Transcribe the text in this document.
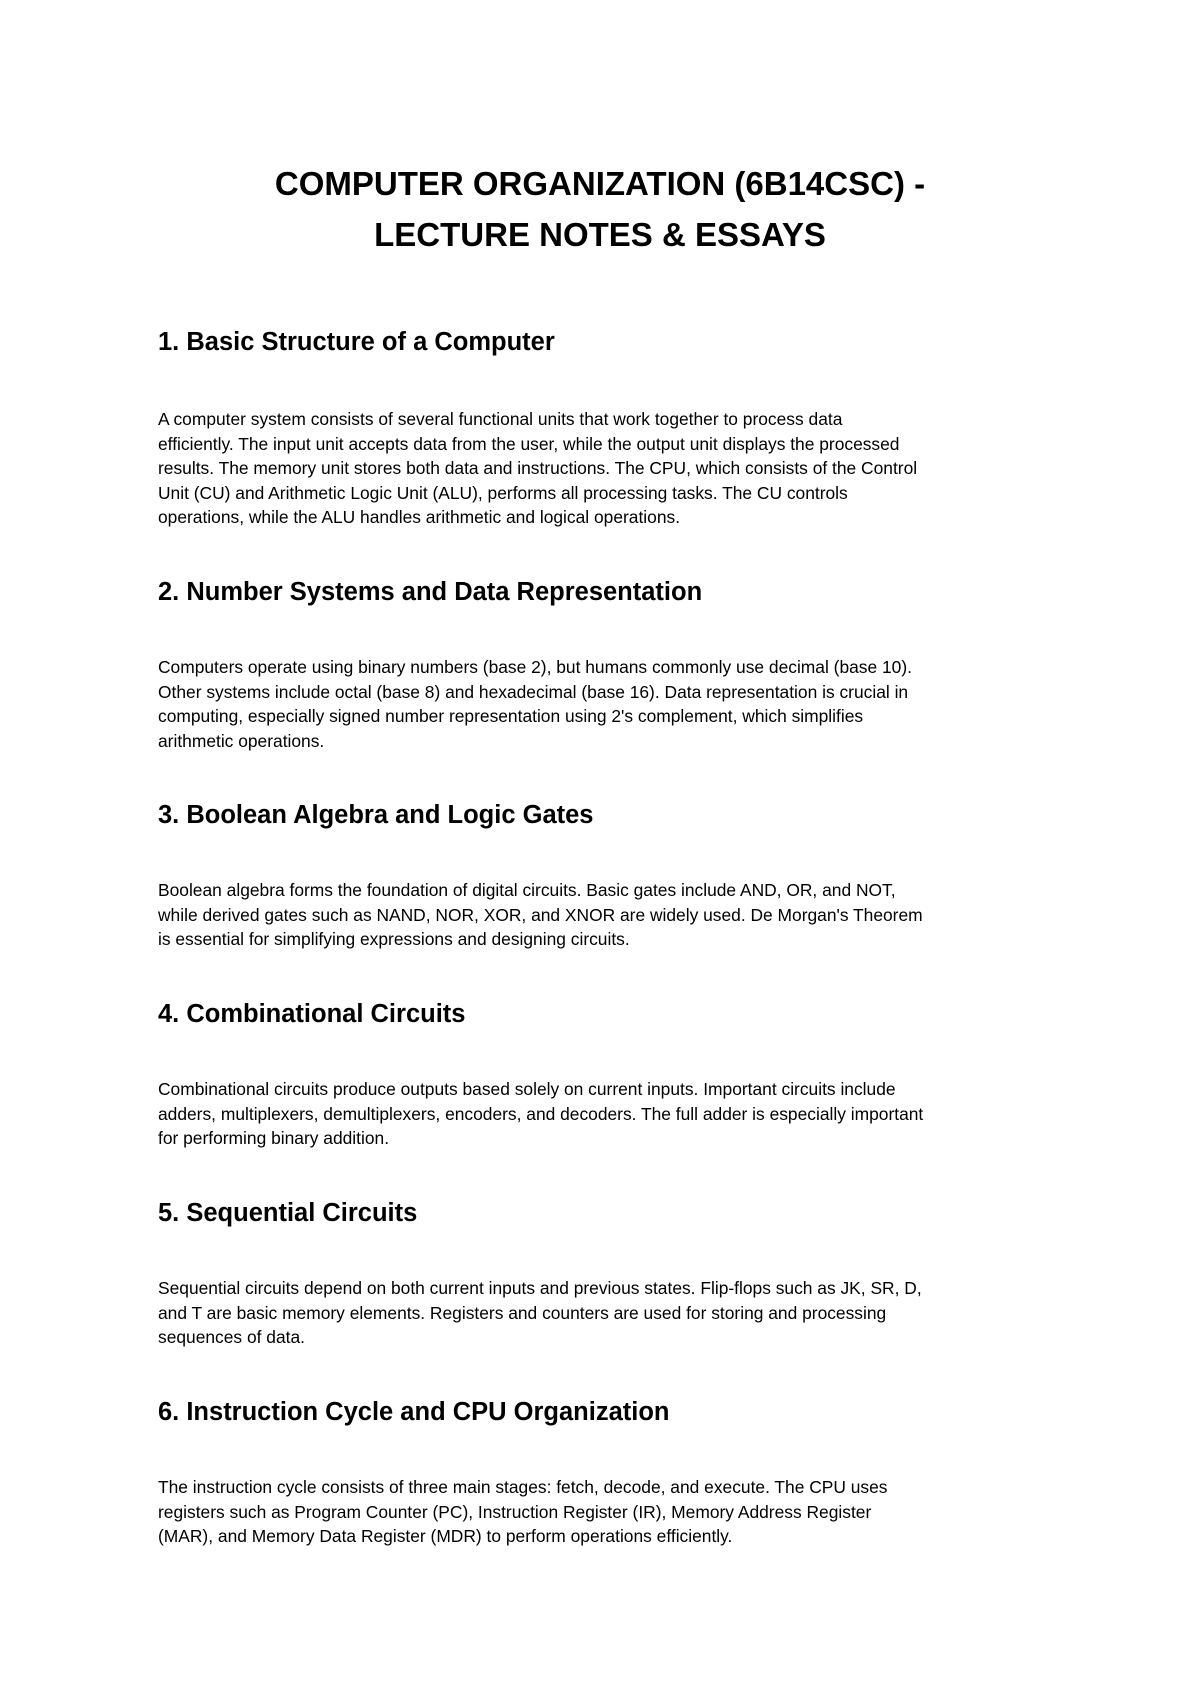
COMPUTER ORGANIZATION (6B14CSC) -
LECTURE NOTES & ESSAYS
1. Basic Structure of a Computer

A computer system consists of several functional units that work together to process data
efficiently. The input unit accepts data from the user, while the output unit displays the processed
results. The memory unit stores both data and instructions. The CPU, which consists of the Control
Unit (CU) and Arithmetic Logic Unit (ALU), performs all processing tasks. The CU controls
operations, while the ALU handles arithmetic and logical operations.

2. Number Systems and Data Representation

Computers operate using binary numbers (base 2), but humans commonly use decimal (base 10).
Other systems include octal (base 8) and hexadecimal (base 16). Data representation is crucial in
computing, especially signed number representation using 2's complement, which simplifies
arithmetic operations.

3. Boolean Algebra and Logic Gates

Boolean algebra forms the foundation of digital circuits. Basic gates include AND, OR, and NOT,
while derived gates such as NAND, NOR, XOR, and XNOR are widely used. De Morgan's Theorem
is essential for simplifying expressions and designing circuits.

4. Combinational Circuits

Combinational circuits produce outputs based solely on current inputs. Important circuits include
adders, multiplexers, demultiplexers, encoders, and decoders. The full adder is especially important
for performing binary addition.

5. Sequential Circuits

Sequential circuits depend on both current inputs and previous states. Flip-flops such as JK, SR, D,
and T are basic memory elements. Registers and counters are used for storing and processing
sequences of data.

6. Instruction Cycle and CPU Organization

The instruction cycle consists of three main stages: fetch, decode, and execute. The CPU uses
registers such as Program Counter (PC), Instruction Register (IR), Memory Address Register
(MAR), and Memory Data Register (MDR) to perform operations efficiently.
